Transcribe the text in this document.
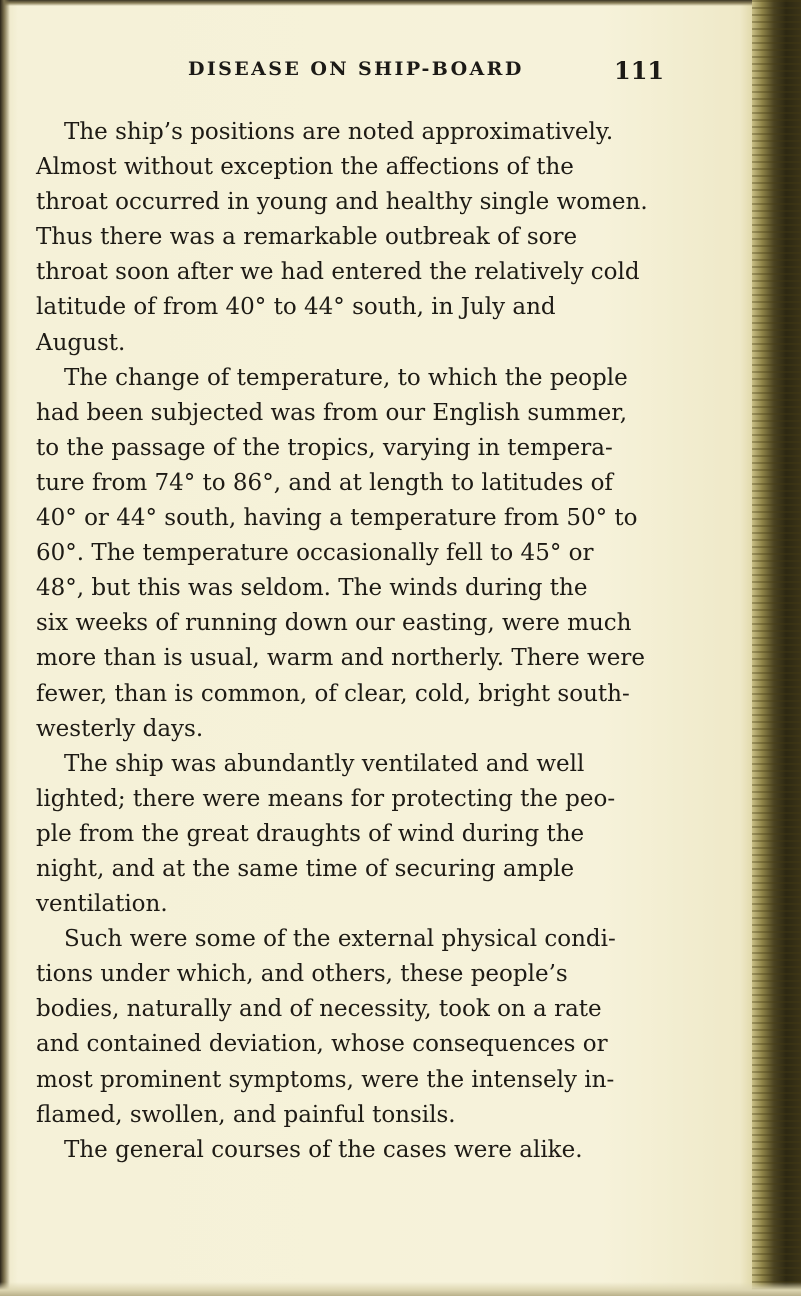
DISEASE ON SHIP-BOARD	111
The ship’s positions are noted approximatively.
Almost without exception the affections of the
throat occurred in young and healthy single women.
Thus there was a remarkable outbreak of sore
throat soon after we had entered the relatively cold
latitude of from 40° to 44° south, in July and
August.
The change of temperature, to which the people
had been subjected was from our English summer,
to the passage of the tropics, varying in tempera-
ture from 74° to 86°, and at length to latitudes of
40° or 44° south, having a temperature from 50° to
60°. The temperature occasionally fell to 45° or
48°, but this was seldom. The winds during the
six weeks of running down our easting, were much
more than is usual, warm and northerly. There were
fewer, than is common, of clear, cold, bright south-
westerly days.
The ship was abundantly ventilated and well
lighted; there were means for protecting the peo-
ple from the great draughts of wind during the
night, and at the same time of securing ample
ventilation.
Such were some of the external physical condi-
tions under which, and others, these people’s
bodies, naturally and of necessity, took on a rate
and contained deviation, whose consequences or
most prominent symptoms, were the intensely in-
flamed, swollen, and painful tonsils.
The general courses of the cases were alike.
